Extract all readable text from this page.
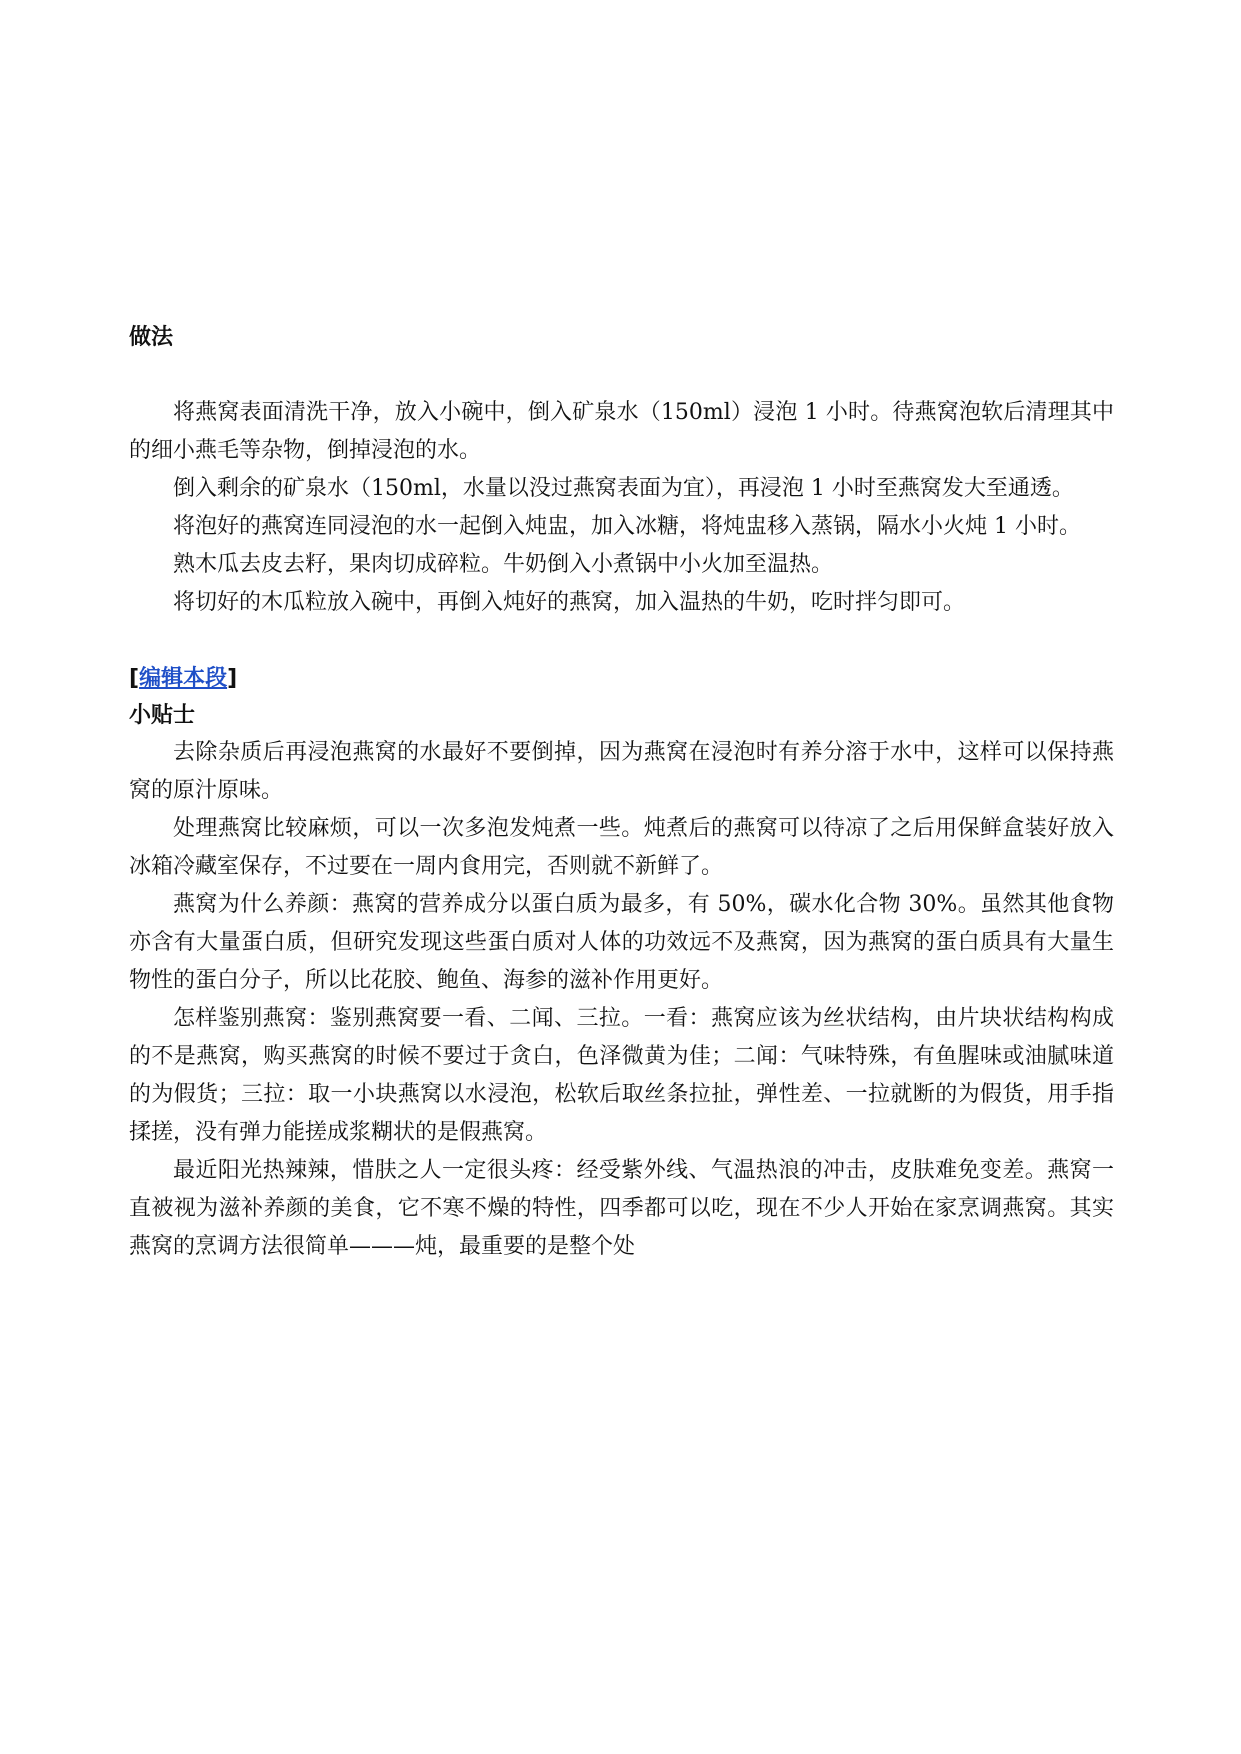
做法

将燕窝表面清洗干净，放入小碗中，倒入矿泉水（150ml）浸泡 1 小时。待燕窝泡软后清理其中的细小燕毛等杂物，倒掉浸泡的水。

倒入剩余的矿泉水（150ml，水量以没过燕窝表面为宜），再浸泡 1 小时至燕窝发大至通透。

将泡好的燕窝连同浸泡的水一起倒入炖盅，加入冰糖，将炖盅移入蒸锅，隔水小火炖 1 小时。

熟木瓜去皮去籽，果肉切成碎粒。牛奶倒入小煮锅中小火加至温热。

将切好的木瓜粒放入碗中，再倒入炖好的燕窝，加入温热的牛奶，吃时拌匀即可。

[编辑本段]

小贴士

去除杂质后再浸泡燕窝的水最好不要倒掉，因为燕窝在浸泡时有养分溶于水中，这样可以保持燕窝的原汁原味。

处理燕窝比较麻烦，可以一次多泡发炖煮一些。炖煮后的燕窝可以待凉了之后用保鲜盒装好放入冰箱冷藏室保存，不过要在一周内食用完，否则就不新鲜了。

燕窝为什么养颜：燕窝的营养成分以蛋白质为最多，有 50%，碳水化合物 30%。虽然其他食物亦含有大量蛋白质，但研究发现这些蛋白质对人体的功效远不及燕窝，因为燕窝的蛋白质具有大量生物性的蛋白分子，所以比花胶、鲍鱼、海参的滋补作用更好。

怎样鉴别燕窝：鉴别燕窝要一看、二闻、三拉。一看：燕窝应该为丝状结构，由片块状结构构成的不是燕窝，购买燕窝的时候不要过于贪白，色泽微黄为佳；二闻：气味特殊，有鱼腥味或油腻味道的为假货；三拉：取一小块燕窝以水浸泡，松软后取丝条拉扯，弹性差、一拉就断的为假货，用手指揉搓，没有弹力能搓成浆糊状的是假燕窝。

最近阳光热辣辣，惜肤之人一定很头疼：经受紫外线、气温热浪的冲击，皮肤难免变差。燕窝一直被视为滋补养颜的美食，它不寒不燥的特性，四季都可以吃，现在不少人开始在家烹调燕窝。其实燕窝的烹调方法很简单———炖，最重要的是整个处
